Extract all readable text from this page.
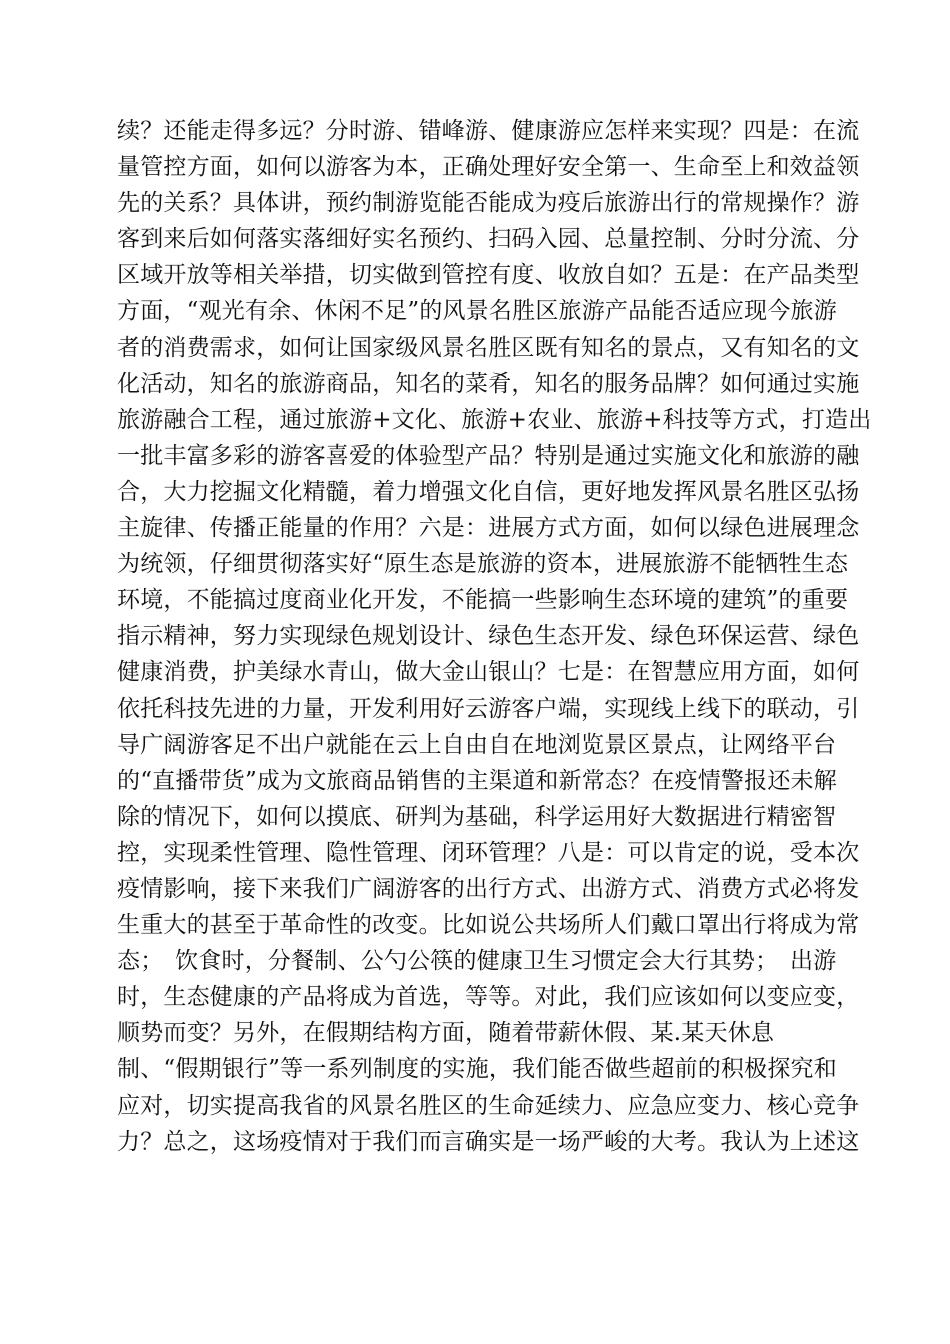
续？还能走得多远？分时游、错峰游、健康游应怎样来实现？四是：在流
量管控方面，如何以游客为本，正确处理好安全第一、生命至上和效益领
先的关系？具体讲，预约制游览能否能成为疫后旅游出行的常规操作？游
客到来后如何落实落细好实名预约、扫码入园、总量控制、分时分流、分
区域开放等相关举措，切实做到管控有度、收放自如？五是：在产品类型
方面，“观光有余、休闲不足”的风景名胜区旅游产品能否适应现今旅游
者的消费需求，如何让国家级风景名胜区既有知名的景点，又有知名的文
化活动，知名的旅游商品，知名的菜肴，知名的服务品牌？如何通过实施
旅游融合工程，通过旅游+文化、旅游+农业、旅游+科技等方式，打造出
一批丰富多彩的游客喜爱的体验型产品？特别是通过实施文化和旅游的融
合，大力挖掘文化精髓，着力增强文化自信，更好地发挥风景名胜区弘扬
主旋律、传播正能量的作用？六是：进展方式方面，如何以绿色进展理念
为统领，仔细贯彻落实好“原生态是旅游的资本，进展旅游不能牺牲生态
环境，不能搞过度商业化开发，不能搞一些影响生态环境的建筑”的重要
指示精神，努力实现绿色规划设计、绿色生态开发、绿色环保运营、绿色
健康消费，护美绿水青山，做大金山银山？七是：在智慧应用方面，如何
依托科技先进的力量，开发利用好云游客户端，实现线上线下的联动，引
导广阔游客足不出户就能在云上自由自在地浏览景区景点，让网络平台
的“直播带货”成为文旅商品销售的主渠道和新常态？在疫情警报还未解
除的情况下，如何以摸底、研判为基础，科学运用好大数据进行精密智
控，实现柔性管理、隐性管理、闭环管理？八是：可以肯定的说，受本次
疫情影响，接下来我们广阔游客的出行方式、出游方式、消费方式必将发
生重大的甚至于革命性的改变。比如说公共场所人们戴口罩出行将成为常
态；　饮食时，分餐制、公勺公筷的健康卫生习惯定会大行其势；　出游
时，生态健康的产品将成为首选，等等。对此，我们应该如何以变应变，
顺势而变？另外，在假期结构方面，随着带薪休假、某.某天休息
制、“假期银行”等一系列制度的实施，我们能否做些超前的积极探究和
应对，切实提高我省的风景名胜区的生命延续力、应急应变力、核心竞争
力？总之，这场疫情对于我们而言确实是一场严峻的大考。我认为上述这
